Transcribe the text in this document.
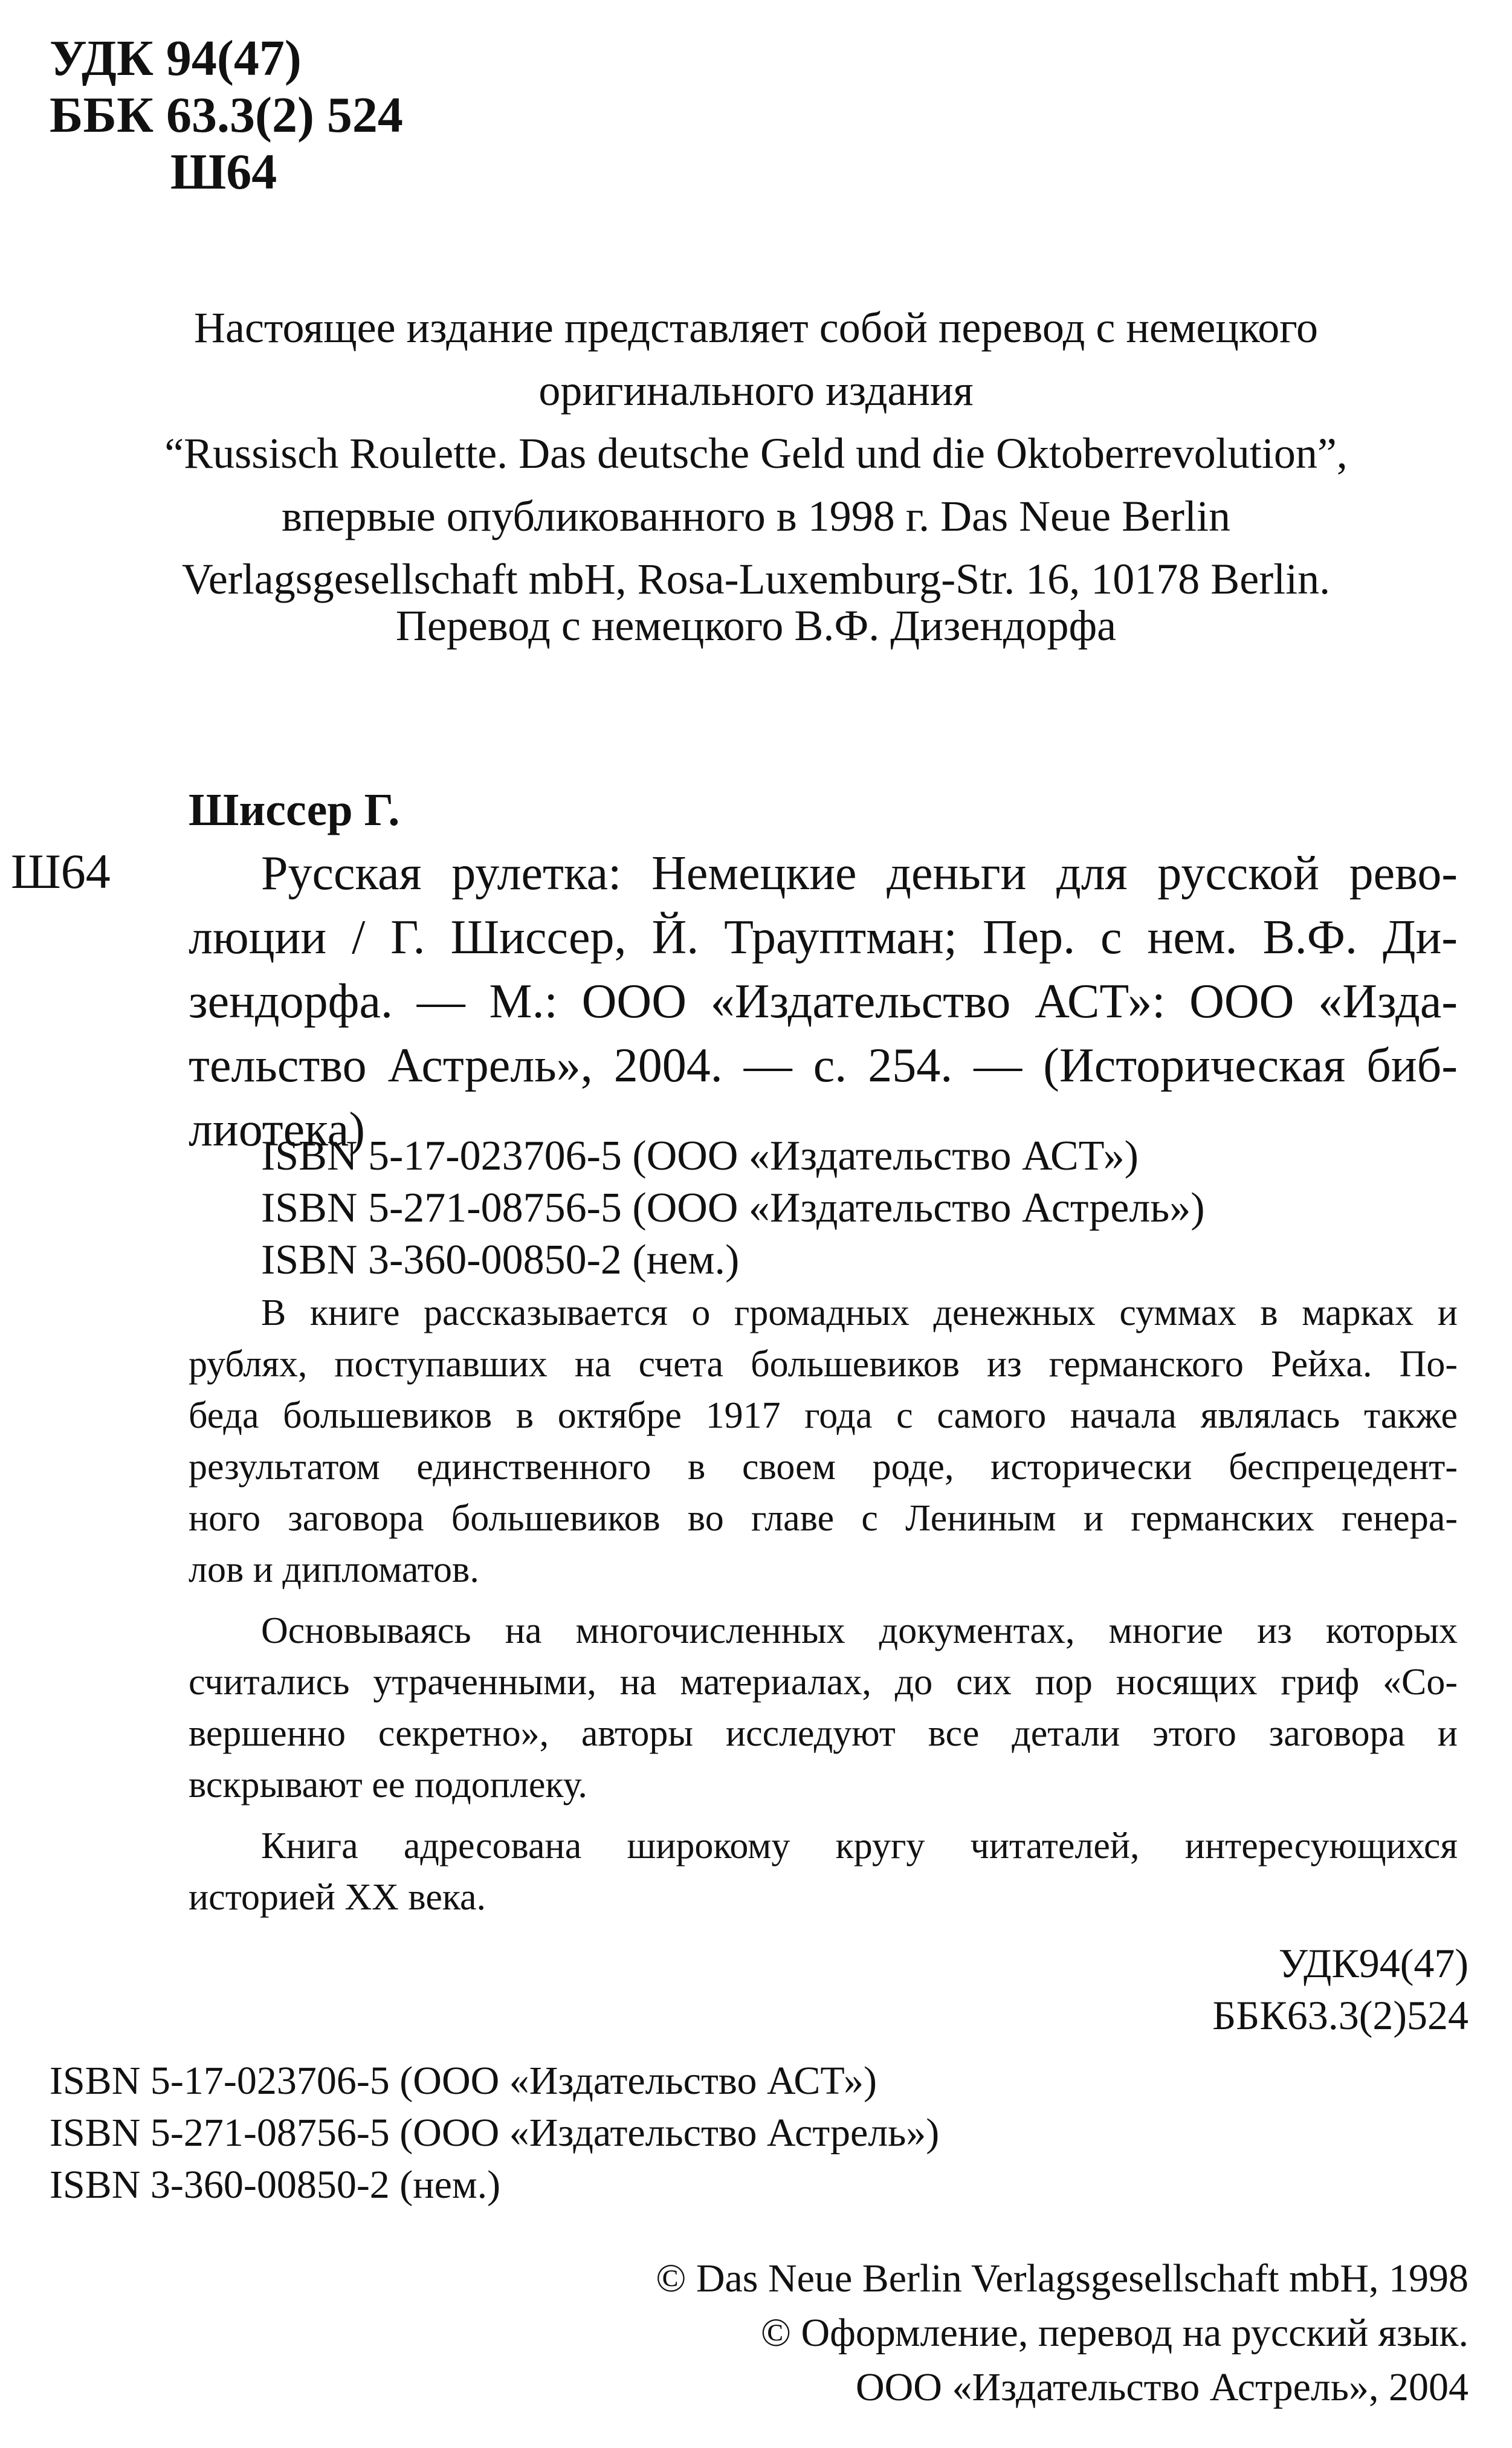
УДК 94(47)
ББК 63.3(2) 524
Ш64
Настоящее издание представляет собой перевод с немецкого
оригинального издания
“Russisch Roulette. Das deutsche Geld und die Oktoberrevolution”,
впервые опубликованного в 1998 г. Das Neue Berlin
Verlagsgesellschaft mbH, Rosa-Luxemburg-Str. 16, 10178 Berlin.
Перевод с немецкого В.Ф. Дизендорфа
Шиссер Г.
Ш64	Русская рулетка: Немецкие деньги для русской рево-
люции / Г. Шиссер, Й. Трауптман; Пер. с нем. В.Ф. Ди-
зендорфа. — М.: ООО «Издательство АСТ»: ООО «Изда-
тельство Астрель», 2004. — с. 254. — (Историческая биб-
лиотека)
ISBN 5-17-023706-5 (ООО «Издательство АСТ»)
ISBN 5-271-08756-5 (ООО «Издательство Астрель»)
ISBN 3-360-00850-2 (нем.)

В книге рассказывается о громадных денежных суммах в марках и
рублях, поступавших на счета большевиков из германского Рейха. По-
беда большевиков в октябре 1917 года с самого начала являлась также
результатом единственного в своем роде, исторически беспрецедент-
ного заговора большевиков во главе с Лениным и германских генера-
лов и дипломатов.

Основываясь на многочисленных документах, многие из которых
считались утраченными, на материалах, до сих пор носящих гриф «Со-
вершенно секретно», авторы исследуют все детали этого заговора и
вскрывают ее подоплеку.

Книга адресована широкому кругу читателей, интересующихся
историей XX века.

УДК94(47)
ББК63.3(2)524
ISBN 5-17-023706-5 (ООО «Издательство АСТ»)
ISBN 5-271-08756-5 (ООО «Издательство Астрель»)
ISBN 3-360-00850-2 (нем.)
© Das Neue Berlin Verlagsgesellschaft mbH, 1998
© Оформление, перевод на русский язык.
ООО «Издательство Астрель», 2004
